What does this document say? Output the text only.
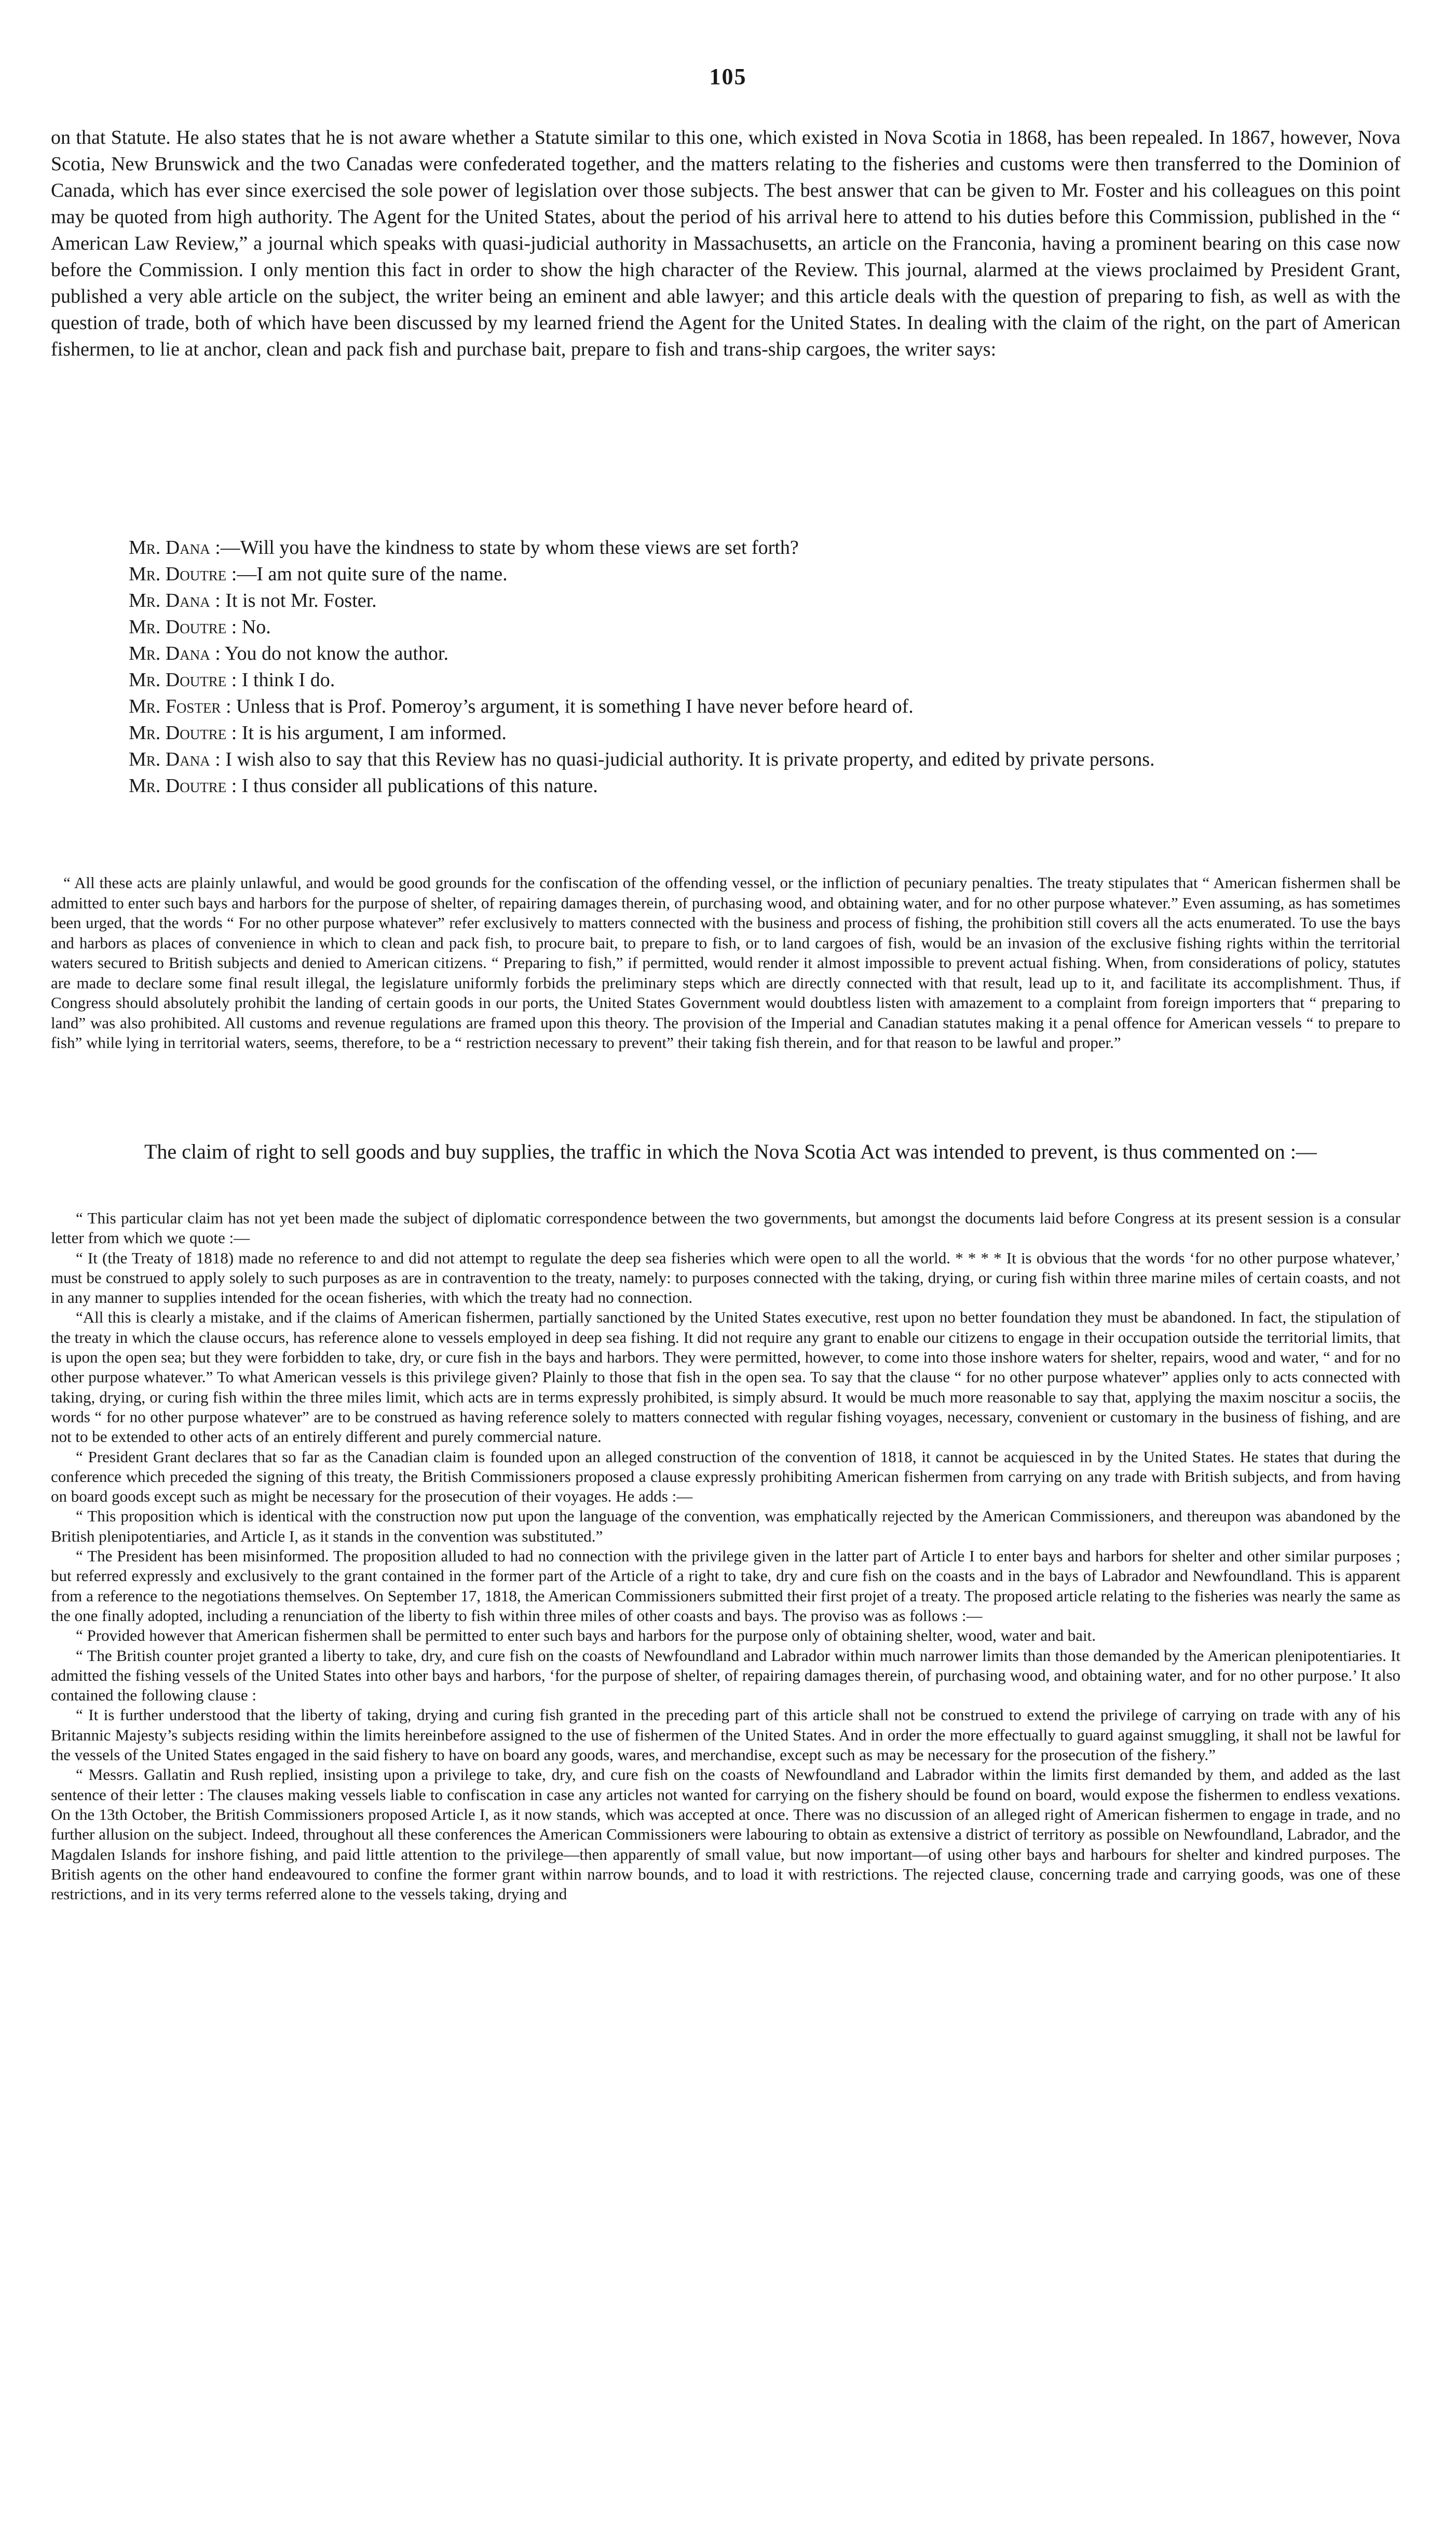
105

on that Statute. He also states that he is not aware whether a Statute similar to this one, which existed in Nova Scotia in 1868, has been repealed. In 1867, however, Nova Scotia, New Brunswick and the two Canadas were confederated together, and the matters relating to the fisheries and customs were then transferred to the Dominion of Canada, which has ever since exercised the sole power of legislation over those subjects. The best answer that can be given to Mr. Foster and his colleagues on this point may be quoted from high authority. The Agent for the United States, about the period of his arrival here to attend to his duties before this Commission, published in the “ American Law Review,” a journal which speaks with quasi-judicial authority in Massachusetts, an article on the Franconia, having a prominent bearing on this case now before the Commission. I only mention this fact in order to show the high character of the Review. This journal, alarmed at the views proclaimed by President Grant, published a very able article on the subject, the writer being an eminent and able lawyer; and this article deals with the question of preparing to fish, as well as with the question of trade, both of which have been discussed by my learned friend the Agent for the United States. In dealing with the claim of the right, on the part of American fishermen, to lie at anchor, clean and pack fish and purchase bait, prepare to fish and trans-ship cargoes, the writer says:

Mr. Dana :—Will you have the kindness to state by whom these views are set forth?

Mr. Doutre :—I am not quite sure of the name.

Mr. Dana : It is not Mr. Foster.

Mr. Doutre : No.

Mr. Dana : You do not know the author.

Mr. Doutre : I think I do.

Mr. Foster : Unless that is Prof. Pomeroy’s argument, it is something I have never before heard of.

Mr. Doutre : It is his argument, I am informed.

Mr. Dana : I wish also to say that this Review has no quasi-judicial authority. It is private property, and edited by private persons.

Mr. Doutre : I thus consider all publications of this nature.

“ All these acts are plainly unlawful, and would be good grounds for the confiscation of the offending vessel, or the infliction of pecuniary penalties. The treaty stipulates that “ American fishermen shall be admitted to enter such bays and harbors for the purpose of shelter, of repairing damages therein, of purchasing wood, and obtaining water, and for no other purpose whatever.” Even assuming, as has sometimes been urged, that the words “ For no other purpose whatever” refer exclusively to matters connected with the business and process of fishing, the prohibition still covers all the acts enumerated. To use the bays and harbors as places of convenience in which to clean and pack fish, to procure bait, to prepare to fish, or to land cargoes of fish, would be an invasion of the exclusive fishing rights within the territorial waters secured to British subjects and denied to American citizens. “ Preparing to fish,” if permitted, would render it almost impossible to prevent actual fishing. When, from considerations of policy, statutes are made to declare some final result illegal, the legislature uniformly forbids the preliminary steps which are directly connected with that result, lead up to it, and facilitate its accomplishment. Thus, if Congress should absolutely prohibit the landing of certain goods in our ports, the United States Government would doubtless listen with amazement to a complaint from foreign importers that “ preparing to land” was also prohibited. All customs and revenue regulations are framed upon this theory. The provision of the Imperial and Canadian statutes making it a penal offence for American vessels “ to prepare to fish” while lying in territorial waters, seems, therefore, to be a “ restriction necessary to prevent” their taking fish therein, and for that reason to be lawful and proper.”

The claim of right to sell goods and buy supplies, the traffic in which the Nova Scotia Act was intended to prevent, is thus commented on :—

“ This particular claim has not yet been made the subject of diplomatic correspondence between the two governments, but amongst the documents laid before Congress at its present session is a consular letter from which we quote :—

“ It (the Treaty of 1818) made no reference to and did not attempt to regulate the deep sea fisheries which were open to all the world. * * * * It is obvious that the words ‘for no other purpose whatever,’ must be construed to apply solely to such purposes as are in contravention to the treaty, namely: to purposes connected with the taking, drying, or curing fish within three marine miles of certain coasts, and not in any manner to supplies intended for the ocean fisheries, with which the treaty had no connection.

“All this is clearly a mistake, and if the claims of American fishermen, partially sanctioned by the United States executive, rest upon no better foundation they must be abandoned. In fact, the stipulation of the treaty in which the clause occurs, has reference alone to vessels employed in deep sea fishing. It did not require any grant to enable our citizens to engage in their occupation outside the territorial limits, that is upon the open sea; but they were forbidden to take, dry, or cure fish in the bays and harbors. They were permitted, however, to come into those inshore waters for shelter, repairs, wood and water, “ and for no other purpose whatever.” To what American vessels is this privilege given? Plainly to those that fish in the open sea. To say that the clause “ for no other purpose whatever” applies only to acts connected with taking, drying, or curing fish within the three miles limit, which acts are in terms expressly prohibited, is simply absurd. It would be much more reasonable to say that, applying the maxim noscitur a sociis, the words “ for no other purpose whatever” are to be construed as having reference solely to matters connected with regular fishing voyages, necessary, convenient or customary in the business of fishing, and are not to be extended to other acts of an entirely different and purely commercial nature.

“ President Grant declares that so far as the Canadian claim is founded upon an alleged construction of the convention of 1818, it cannot be acquiesced in by the United States. He states that during the conference which preceded the signing of this treaty, the British Commissioners proposed a clause expressly prohibiting American fishermen from carrying on any trade with British subjects, and from having on board goods except such as might be necessary for the prosecution of their voyages. He adds :—

“ This proposition which is identical with the construction now put upon the language of the convention, was emphatically rejected by the American Commissioners, and thereupon was abandoned by the British plenipotentiaries, and Article I, as it stands in the convention was substituted.”

“ The President has been misinformed. The proposition alluded to had no connection with the privilege given in the latter part of Article I to enter bays and harbors for shelter and other similar purposes ; but referred expressly and exclusively to the grant contained in the former part of the Article of a right to take, dry and cure fish on the coasts and in the bays of Labrador and Newfoundland. This is apparent from a reference to the negotiations themselves. On September 17, 1818, the American Commissioners submitted their first projet of a treaty. The proposed article relating to the fisheries was nearly the same as the one finally adopted, including a renunciation of the liberty to fish within three miles of other coasts and bays. The proviso was as follows :—

“ Provided however that American fishermen shall be permitted to enter such bays and harbors for the purpose only of obtaining shelter, wood, water and bait.

“ The British counter projet granted a liberty to take, dry, and cure fish on the coasts of Newfoundland and Labrador within much narrower limits than those demanded by the American plenipotentiaries. It admitted the fishing vessels of the United States into other bays and harbors, ‘for the purpose of shelter, of repairing damages therein, of purchasing wood, and obtaining water, and for no other purpose.’ It also contained the following clause :

“ It is further understood that the liberty of taking, drying and curing fish granted in the preceding part of this article shall not be construed to extend the privilege of carrying on trade with any of his Britannic Majesty’s subjects residing within the limits hereinbefore assigned to the use of fishermen of the United States. And in order the more effectually to guard against smuggling, it shall not be lawful for the vessels of the United States engaged in the said fishery to have on board any goods, wares, and merchandise, except such as may be necessary for the prosecution of the fishery.”

“ Messrs. Gallatin and Rush replied, insisting upon a privilege to take, dry, and cure fish on the coasts of Newfoundland and Labrador within the limits first demanded by them, and added as the last sentence of their letter : The clauses making vessels liable to confiscation in case any articles not wanted for carrying on the fishery should be found on board, would expose the fishermen to endless vexations. On the 13th October, the British Commissioners proposed Article I, as it now stands, which was accepted at once. There was no discussion of an alleged right of American fishermen to engage in trade, and no further allusion on the subject. Indeed, throughout all these conferences the American Commissioners were labouring to obtain as extensive a district of territory as possible on Newfoundland, Labrador, and the Magdalen Islands for inshore fishing, and paid little attention to the privilege—then apparently of small value, but now important—of using other bays and harbours for shelter and kindred purposes. The British agents on the other hand endeavoured to confine the former grant within narrow bounds, and to load it with restrictions. The rejected clause, concerning trade and carrying goods, was one of these restrictions, and in its very terms referred alone to the vessels taking, drying and
